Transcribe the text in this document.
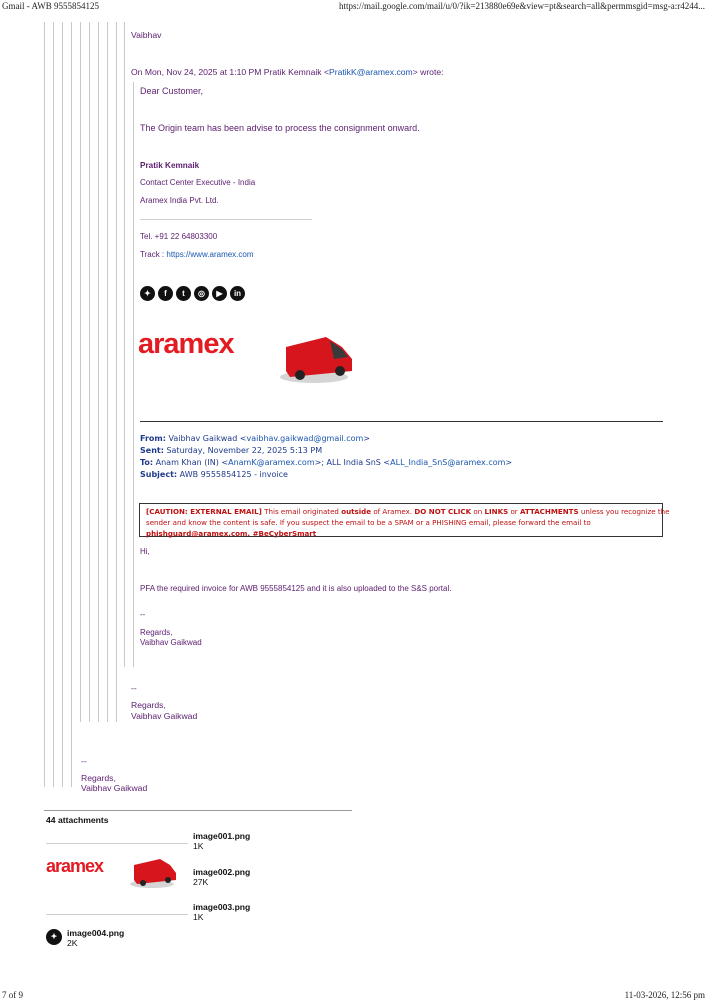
Gmail - AWB 9555854125	https://mail.google.com/mail/u/0/?ik=213880e69e&view=pt&search=all&permmsgid=msg-a:r4244...
Vaibhav
On Mon, Nov 24, 2025 at 1:10 PM Pratik Kemnaik <PratikK@aramex.com> wrote:
Dear Customer,
The Origin team has been advise to process the consignment onward.
Pratik Kemnaik
Contact Center Executive - India
Aramex India Pvt. Ltd.
Tel. +91 22 64803300
Track : https://www.aramex.com
✦	f	t	◎	▶	in
aramex
From: Vaibhav Gaikwad <vaibhav.gaikwad@gmail.com>
Sent: Saturday, November 22, 2025 5:13 PM
To: Anam Khan (IN) <AnamK@aramex.com>; ALL India SnS <ALL_India_SnS@aramex.com>
Subject: AWB 9555854125 - invoice
[CAUTION: EXTERNAL EMAIL] This email originated outside of Aramex. DO NOT CLICK on LINKS or ATTACHMENTS unless you recognize the
sender and know the content is safe. If you suspect the email to be a SPAM or a PHISHING email, please forward the email to
phishguard@aramex.com. #BeCyberSmart
Hi,
PFA the required invoice for AWB 9555854125 and it is also uploaded to the S&S portal.
--
Regards,
Vaibhav Gaikwad
--
Regards,
Vaibhav Gaikwad
--
Regards,
Vaibhav Gaikwad
44 attachments
image001.png
1K
aramex	image002.png
27K
image003.png
1K
✦	image004.png
2K
7 of 9	11-03-2026, 12:56 pm
